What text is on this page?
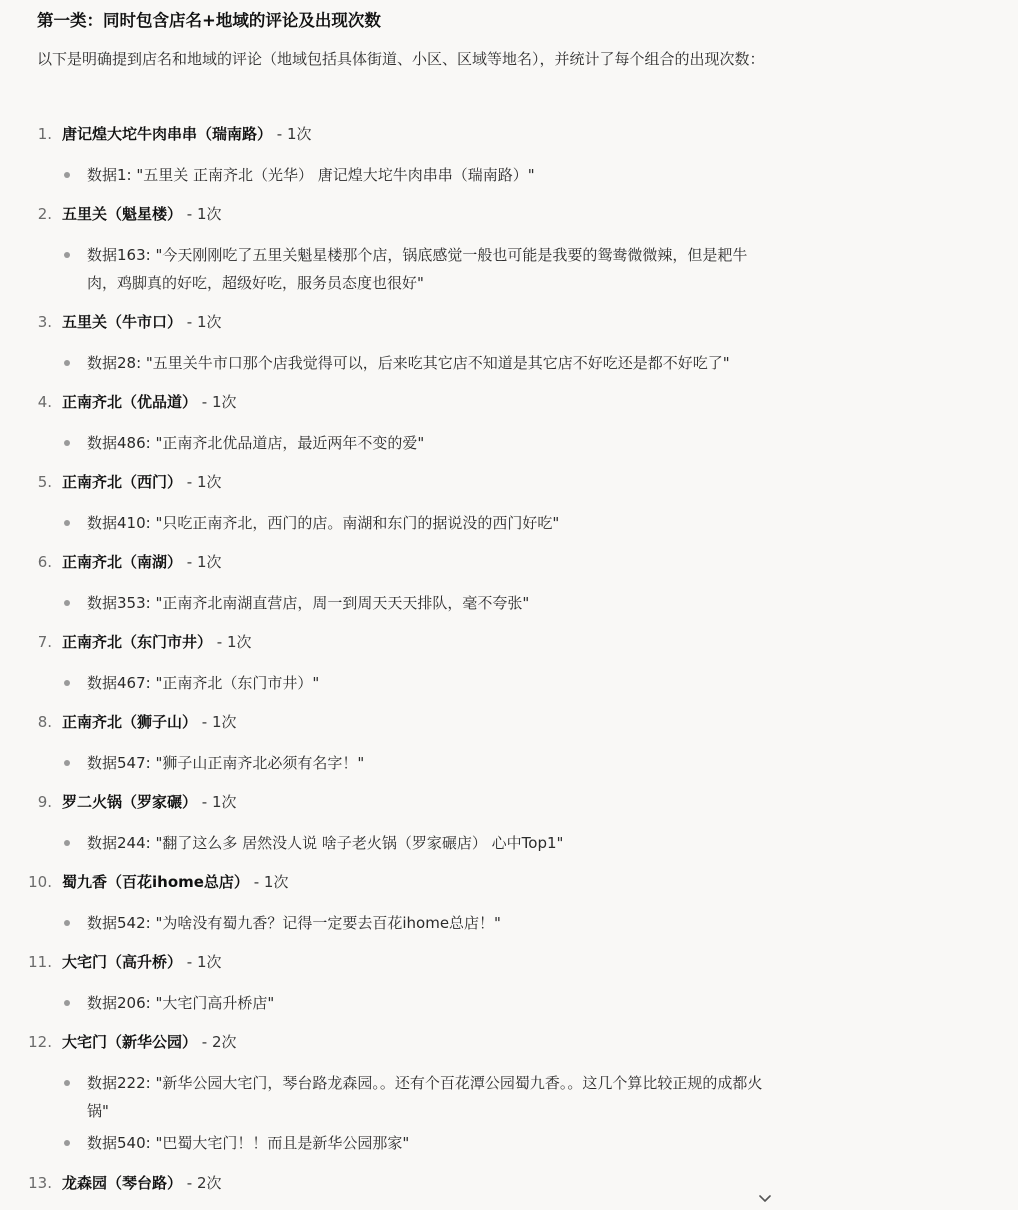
第一类：同时包含店名+地域的评论及出现次数

以下是明确提到店名和地域的评论（地域包括具体街道、小区、区域等地名），并统计了每个组合的出现次数：

1. 唐记煌大坨牛肉串串（瑞南路） - 1次
数据1: "五里关 正南齐北（光华） 唐记煌大坨牛肉串串（瑞南路）"
2. 五里关（魁星楼） - 1次
数据163: "今天刚刚吃了五里关魁星楼那个店，锅底感觉一般也可能是我要的鸳鸯微微辣，但是耙牛肉，鸡脚真的好吃，超级好吃，服务员态度也很好"
3. 五里关（牛市口） - 1次
数据28: "五里关牛市口那个店我觉得可以，后来吃其它店不知道是其它店不好吃还是都不好吃了"
4. 正南齐北（优品道） - 1次
数据486: "正南齐北优品道店，最近两年不变的爱"
5. 正南齐北（西门） - 1次
数据410: "只吃正南齐北，西门的店。南湖和东门的据说没的西门好吃"
6. 正南齐北（南湖） - 1次
数据353: "正南齐北南湖直营店，周一到周天天天排队，毫不夸张"
7. 正南齐北（东门市井） - 1次
数据467: "正南齐北（东门市井）"
8. 正南齐北（狮子山） - 1次
数据547: "狮子山正南齐北必须有名字！"
9. 罗二火锅（罗家碾） - 1次
数据244: "翻了这么多 居然没人说 啥子老火锅（罗家碾店） 心中Top1"
10. 蜀九香（百花ihome总店） - 1次
数据542: "为啥没有蜀九香？记得一定要去百花ihome总店！"
11. 大宅门（高升桥） - 1次
数据206: "大宅门高升桥店"
12. 大宅门（新华公园） - 2次
数据222: "新华公园大宅门，琴台路龙森园。。还有个百花潭公园蜀九香。。这几个算比较正规的成都火锅"
数据540: "巴蜀大宅门！！而且是新华公园那家"
13. 龙森园（琴台路） - 2次
